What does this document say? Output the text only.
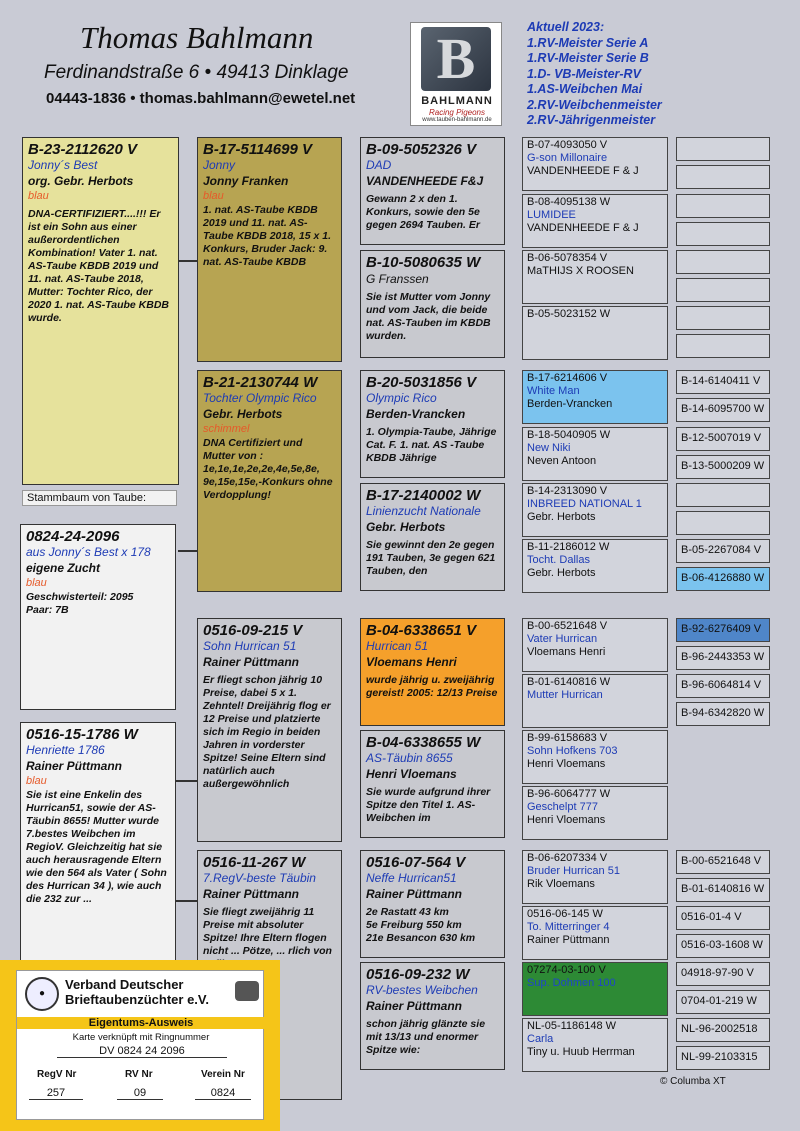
Thomas Bahlmann
Ferdinandstraße 6 • 49413 Dinklage
04443-1836 • thomas.bahlmann@ewetel.net
B
BAHLMANN
Racing Pigeons
www.tauben-bahlmann.de
Aktuell 2023:
1.RV-Meister Serie A
1.RV-Meister Serie B
1.D- VB-Meister-RV
1.AS-Weibchen Mai
2.RV-Weibchenmeister
2.RV-Jährigenmeister
B-23-2112620 V
Jonny´s Best
org. Gebr. Herbots
blau
DNA-CERTIFIZIERT....!!! Er ist ein Sohn aus einer außerordentlichen Kombination! Vater 1. nat. AS-Taube KBDB 2019 und 11. nat. AS-Taube 2018, Mutter: Tochter Rico, der 2020 1. nat. AS-Taube KBDB wurde.
Stammbaum von Taube:
0824-24-2096
aus Jonny´s Best x 178
eigene Zucht
blau
Geschwisterteil: 2095
Paar: 7B
0516-15-1786 W
Henriette 1786
Rainer Püttmann
blau
Sie ist eine Enkelin des Hurrican51, sowie der AS-Täubin 8655! Mutter wurde 7.bestes Weibchen im RegioV. Gleichzeitig hat sie auch herausragende Eltern wie den 564 als Vater ( Sohn des Hurrican 34 ), wie auch die 232 zur ...
B-17-5114699 V
Jonny
Jonny Franken
blau
1. nat. AS-Taube KBDB 2019 und 11. nat. AS-Taube KBDB 2018, 15 x 1. Konkurs, Bruder Jack: 9. nat. AS-Taube KBDB
B-21-2130744 W
Tochter Olympic Rico
Gebr. Herbots
schimmel
DNA Certifiziert und Mutter von : 1e,1e,1e,2e,2e,4e,5e,8e, 9e,15e,15e,-Konkurs ohne Verdopplung!
0516-09-215 V
Sohn Hurrican 51
Rainer Püttmann
Er fliegt schon jährig 10 Preise, dabei 5 x 1. Zehntel! Dreijährig flog er 12 Preise und platzierte sich im Regio in beiden Jahren in vorderster Spitze! Seine Eltern sind natürlich auch außergewöhnlich
0516-11-267 W
7.RegV-beste Täubin
Rainer Püttmann
Sie fliegt zweijährig 11 Preise mit absoluter Spitze! Ihre Eltern flogen nicht ... Pötze, ... rlich von
B-09-5052326 V
DAD
VANDENHEEDE F&J
Gewann 2 x den 1. Konkurs, sowie den 5e gegen 2694 Tauben. Er
B-10-5080635 W
G Franssen
Sie ist Mutter vom Jonny und vom Jack, die beide nat. AS-Tauben im KBDB wurden.
B-20-5031856 V
Olympic Rico
Berden-Vrancken
1. Olympia-Taube, Jährige Cat. F. 1. nat. AS -Taube KBDB Jährige
B-17-2140002 W
Linienzucht Nationale
Gebr. Herbots
Sie gewinnt den 2e gegen 191 Tauben, 3e gegen 621 Tauben, den
B-04-6338651 V
Hurrican 51
Vloemans Henri
wurde jährig u. zweijährig gereist! 2005: 12/13 Preise
B-04-6338655 W
AS-Täubin 8655
Henri Vloemans
Sie wurde aufgrund ihrer Spitze den Titel 1. AS-Weibchen im
0516-07-564 V
Neffe Hurrican51
Rainer Püttmann
2e Rastatt 43 km
5e Freiburg 550 km
21e Besancon 630 km
0516-09-232 W
RV-bestes Weibchen
Rainer Püttmann
schon jährig glänzte sie mit 13/13 und enormer Spitze wie:
B-07-4093050 V
G-son Millonaire
VANDENHEEDE F & J
B-08-4095138 W
LUMIDEE
VANDENHEEDE F & J
B-06-5078354 V
MaTHIJS X ROOSEN
B-05-5023152 W
B-17-6214606 V
White Man
Berden-Vrancken
B-18-5040905 W
New Niki
Neven Antoon
B-14-2313090 V
INBREED NATIONAL 1
Gebr. Herbots
B-11-2186012 W
Tocht. Dallas
Gebr. Herbots
B-00-6521648 V
Vater Hurrican
Vloemans Henri
B-01-6140816 W
Mutter Hurrican
B-99-6158683 V
Sohn Hofkens 703
Henri Vloemans
B-96-6064777 W
Geschelpt 777
Henri Vloemans
B-06-6207334 V
Bruder Hurrican 51
Rik Vloemans
0516-06-145 W
To. Mitterringer 4
Rainer Püttmann
07274-03-100 V
Sup. Dohmen 100
NL-05-1186148 W
Carla
Tiny u. Huub Herrman
B-14-6140411 V
B-14-6095700 W
B-12-5007019 V
B-13-5000209 W
B-05-2267084 V
B-06-4126880 W
B-92-6276409 V
B-96-2443353 W
B-96-6064814 V
B-94-6342820 W
B-00-6521648 V
B-01-6140816 W
0516-01-4 V
0516-03-1608 W
04918-97-90 V
0704-01-219 W
NL-96-2002518
NL-99-2103315
© Columba XT
●
Verband Deutscher
Brieftaubenzüchter e.V.
Eigentums-Ausweis
Karte verknüpft mit Ringnummer
DV 0824 24 2096
RegV Nr	RV Nr	Verein Nr
257	09	0824
